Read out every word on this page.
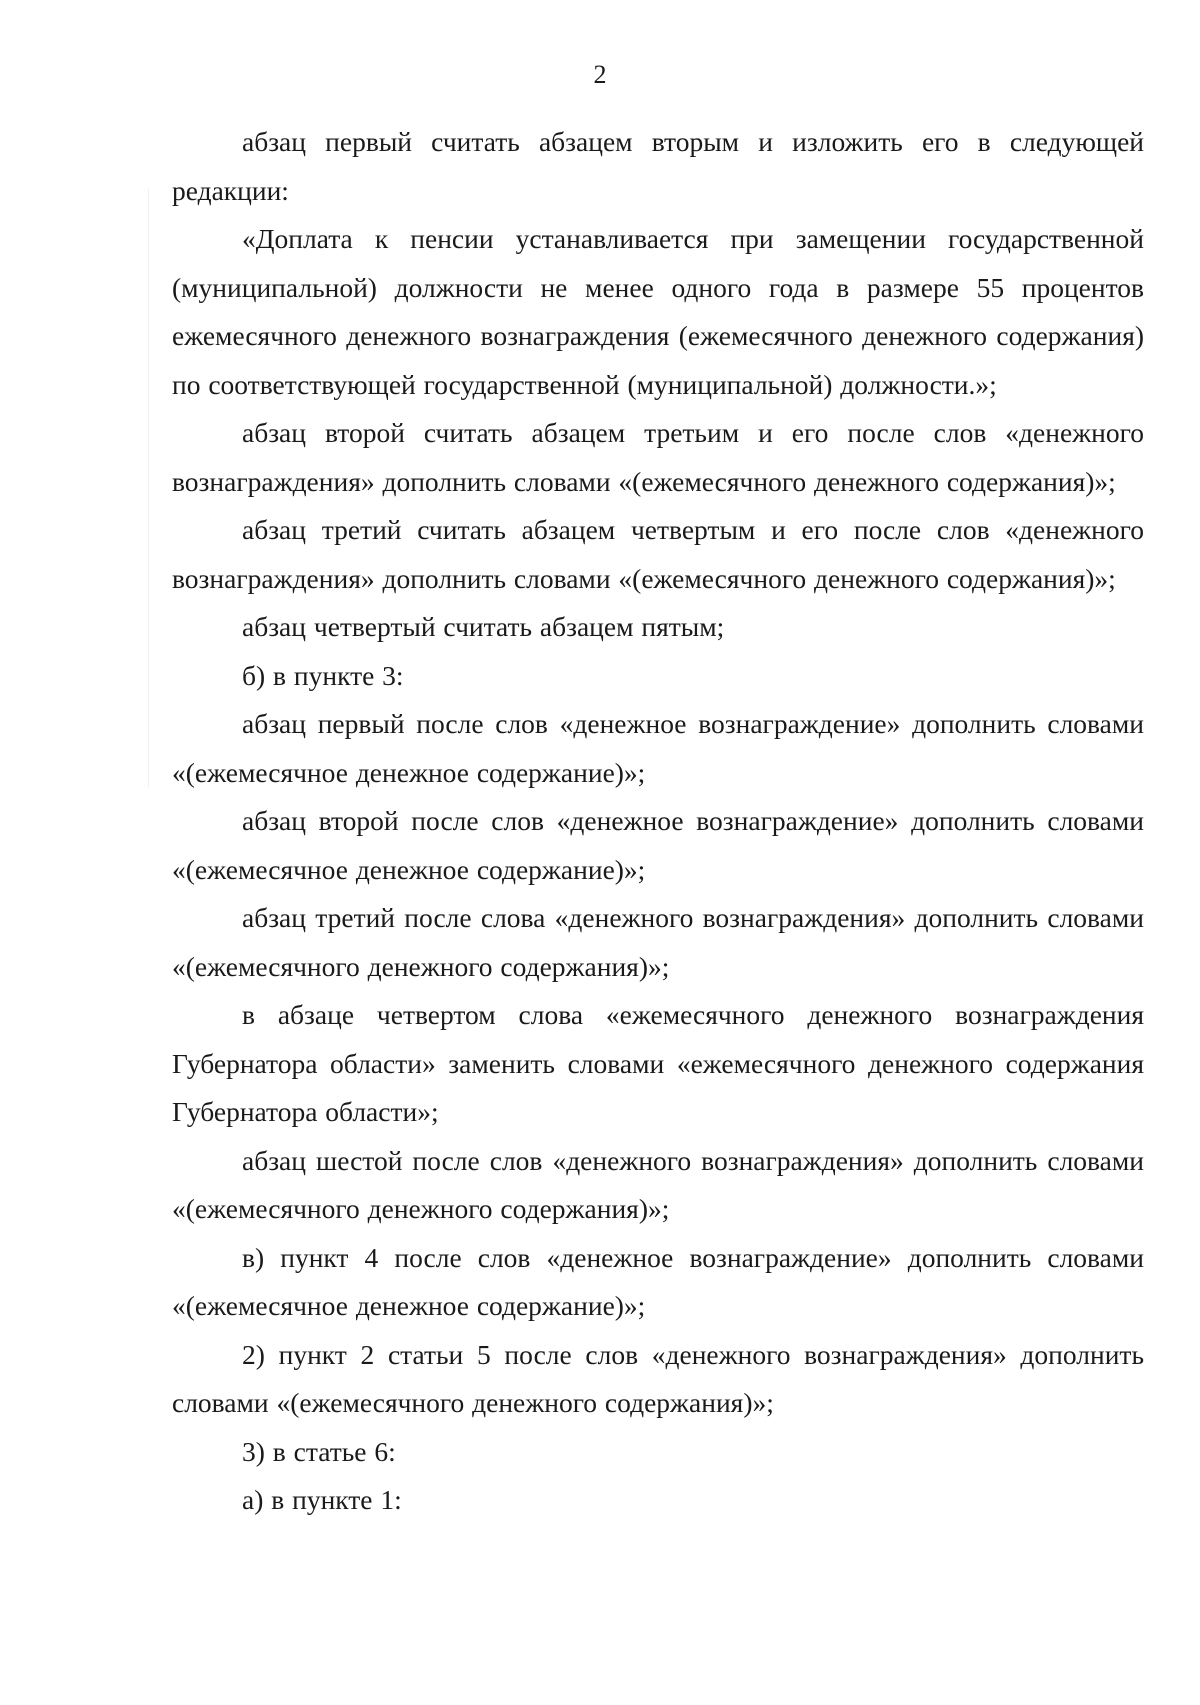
2

абзац первый считать абзацем вторым и изложить его в следующей редакции:

«Доплата к пенсии устанавливается при замещении государственной (муниципальной) должности не менее одного года в размере 55 процентов ежемесячного денежного вознаграждения (ежемесячного денежного содержания) по соответствующей государственной (муниципальной) должности.»;

абзац второй считать абзацем третьим и его после слов «денежного вознаграждения» дополнить словами «(ежемесячного денежного содержания)»;

абзац третий считать абзацем четвертым и его после слов «денежного вознаграждения» дополнить словами «(ежемесячного денежного содержания)»;

абзац четвертый считать абзацем пятым;

б) в пункте 3:

абзац первый после слов «денежное вознаграждение» дополнить словами «(ежемесячное денежное содержание)»;

абзац второй после слов «денежное вознаграждение» дополнить словами «(ежемесячное денежное содержание)»;

абзац третий после слова «денежного вознаграждения» дополнить словами «(ежемесячного денежного содержания)»;

в абзаце четвертом слова «ежемесячного денежного вознаграждения Губернатора области» заменить словами «ежемесячного денежного содержания Губернатора области»;

абзац шестой после слов «денежного вознаграждения» дополнить словами «(ежемесячного денежного содержания)»;

в) пункт 4 после слов «денежное вознаграждение» дополнить словами «(ежемесячное денежное содержание)»;

2) пункт 2 статьи 5 после слов «денежного вознаграждения» дополнить словами «(ежемесячного денежного содержания)»;

3) в статье 6:

а) в пункте 1:
